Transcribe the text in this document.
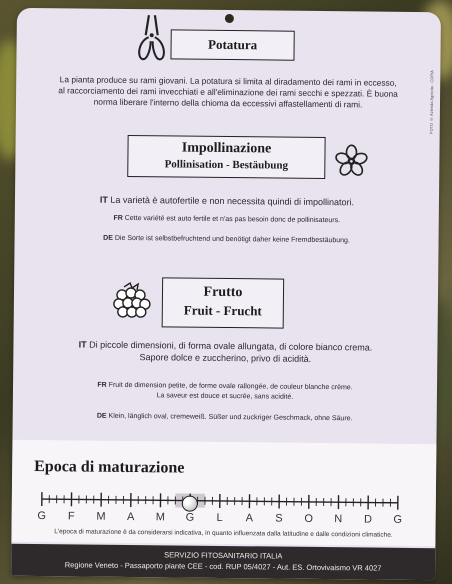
Potatura
La pianta produce su rami giovani. La potatura si limita al diradamento dei rami in eccesso,
al raccorciamento dei rami invecchiati e all'eliminazione dei rami secchi e spezzati. È buona
norma liberare l'interno della chioma da eccessivi affastellamenti di rami.	FOTO © Azienda Agricola · COPIA
Impollinazione
Pollinisation - Bestäubung
IT La varietà è autofertile e non necessita quindi di impollinatori.
FR Cette variété est auto fertile et n'as pas besoin donc de pollinisateurs.
DE Die Sorte ist selbstbefruchtend und benötigt daher keine Fremdbestäubung.
Frutto
Fruit - Frucht
IT Di piccole dimensioni, di forma ovale allungata, di colore bianco crema.
Sapore dolce e zuccherino, privo di acidità.
FR Fruit de dimension petite, de forme ovale rallongée, de couleur blanche crème.
La saveur est douce et sucrée, sans acidité.
DE Klein, länglich oval, cremeweiß. Süßer und zuckriger Geschmack, ohne Säure.
Epoca di maturazione
G F M A M G L A S O N D G
L'epoca di maturazione è da considerarsi indicativa, in quanto influenzata dalla latitudine e dalle condizioni climatiche.
SERVIZIO FITOSANITARIO ITALIA
Regione Veneto - Passaporto piante CEE - cod. RUP 05/4027 - Aut. ES. Ortovivaismo VR 4027
